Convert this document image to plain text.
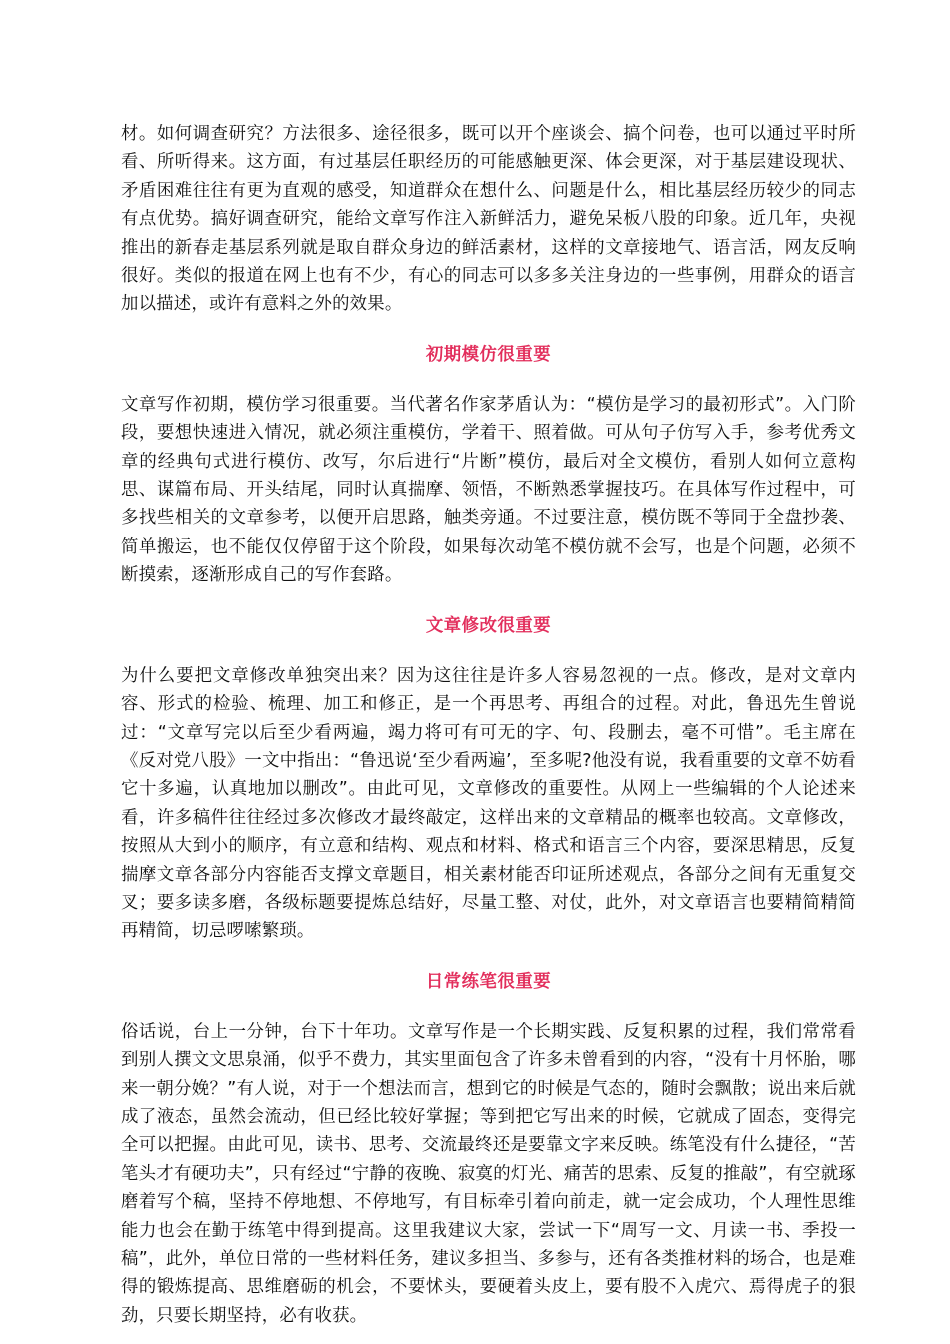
材。如何调查研究？方法很多、途径很多，既可以开个座谈会、搞个问卷，也可以通过平时所看、所听得来。这方面，有过基层任职经历的可能感触更深、体会更深，对于基层建设现状、矛盾困难往往有更为直观的感受，知道群众在想什么、问题是什么，相比基层经历较少的同志有点优势。搞好调查研究，能给文章写作注入新鲜活力，避免呆板八股的印象。近几年，央视推出的新春走基层系列就是取自群众身边的鲜活素材，这样的文章接地气、语言活，网友反响很好。类似的报道在网上也有不少，有心的同志可以多多关注身边的一些事例，用群众的语言加以描述，或许有意料之外的效果。

初期模仿很重要

文章写作初期，模仿学习很重要。当代著名作家茅盾认为：“模仿是学习的最初形式”。入门阶段，要想快速进入情况，就必须注重模仿，学着干、照着做。可从句子仿写入手，参考优秀文章的经典句式进行模仿、改写，尔后进行“片断”模仿，最后对全文模仿，看别人如何立意构思、谋篇布局、开头结尾，同时认真揣摩、领悟，不断熟悉掌握技巧。在具体写作过程中，可多找些相关的文章参考，以便开启思路，触类旁通。不过要注意，模仿既不等同于全盘抄袭、简单搬运，也不能仅仅停留于这个阶段，如果每次动笔不模仿就不会写，也是个问题，必须不断摸索，逐渐形成自己的写作套路。

文章修改很重要

为什么要把文章修改单独突出来？因为这往往是许多人容易忽视的一点。修改，是对文章内容、形式的检验、梳理、加工和修正，是一个再思考、再组合的过程。对此，鲁迅先生曾说过：“文章写完以后至少看两遍，竭力将可有可无的字、句、段删去，毫不可惜”。毛主席在《反对党八股》一文中指出：“鲁迅说‘至少看两遍’，至多呢?他没有说，我看重要的文章不妨看它十多遍，认真地加以删改”。由此可见，文章修改的重要性。从网上一些编辑的个人论述来看，许多稿件往往经过多次修改才最终敲定，这样出来的文章精品的概率也较高。文章修改，按照从大到小的顺序，有立意和结构、观点和材料、格式和语言三个内容，要深思精思，反复揣摩文章各部分内容能否支撑文章题目，相关素材能否印证所述观点，各部分之间有无重复交叉；要多读多磨，各级标题要提炼总结好，尽量工整、对仗，此外，对文章语言也要精简精简再精简，切忌啰嗦繁琐。

日常练笔很重要

俗话说，台上一分钟，台下十年功。文章写作是一个长期实践、反复积累的过程，我们常常看到别人撰文文思泉涌，似乎不费力，其实里面包含了许多未曾看到的内容，“没有十月怀胎，哪来一朝分娩？”有人说，对于一个想法而言，想到它的时候是气态的，随时会飘散；说出来后就成了液态，虽然会流动，但已经比较好掌握；等到把它写出来的时候，它就成了固态，变得完全可以把握。由此可见，读书、思考、交流最终还是要靠文字来反映。练笔没有什么捷径，“苦笔头才有硬功夫”，只有经过“宁静的夜晚、寂寞的灯光、痛苦的思索、反复的推敲”，有空就琢磨着写个稿，坚持不停地想、不停地写，有目标牵引着向前走，就一定会成功，个人理性思维能力也会在勤于练笔中得到提高。这里我建议大家，尝试一下“周写一文、月读一书、季投一稿”，此外，单位日常的一些材料任务，建议多担当、多参与，还有各类推材料的场合，也是难得的锻炼提高、思维磨砺的机会，不要怵头，要硬着头皮上，要有股不入虎穴、焉得虎子的狠劲，只要长期坚持，必有收获。
